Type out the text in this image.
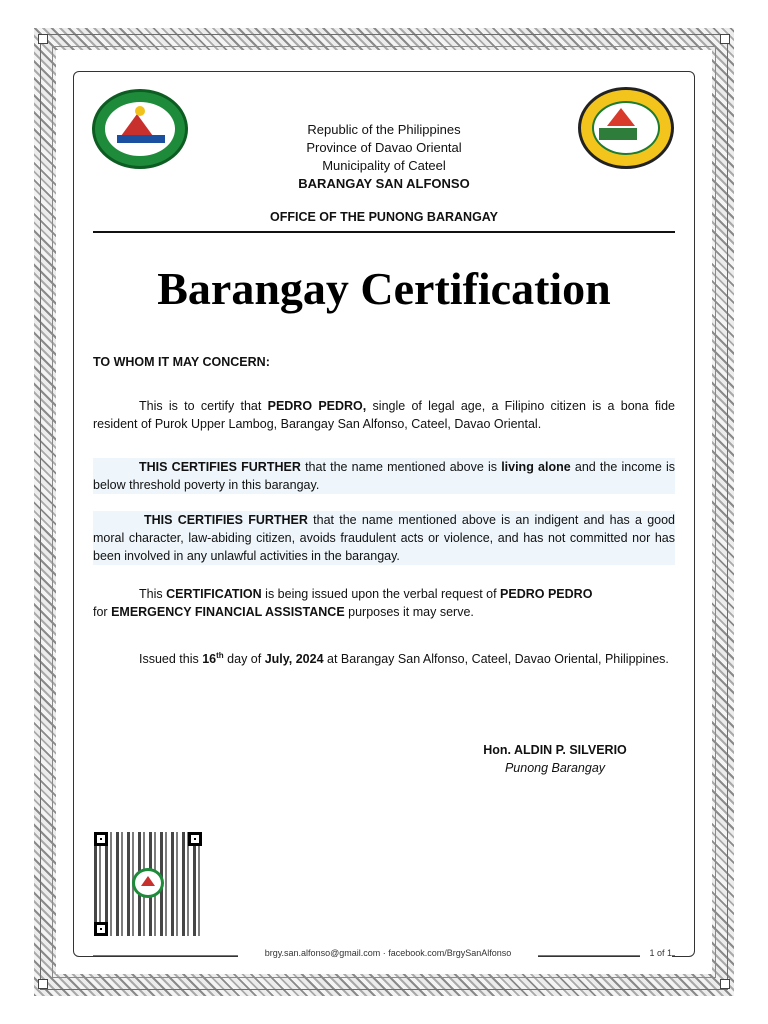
Republic of the Philippines
Province of Davao Oriental
Municipality of Cateel
BARANGAY SAN ALFONSO
OFFICE OF THE PUNONG BARANGAY
Barangay Certification
TO WHOM IT MAY CONCERN:
This is to certify that PEDRO PEDRO, single of legal age, a Filipino citizen is a bona fide resident of Purok Upper Lambog, Barangay San Alfonso, Cateel, Davao Oriental.
THIS CERTIFIES FURTHER that the name mentioned above is living alone and the income is below threshold poverty in this barangay.
THIS CERTIFIES FURTHER that the name mentioned above is an indigent and has a good moral character, law-abiding citizen, avoids fraudulent acts or violence, and has not committed nor has been involved in any unlawful activities in the barangay.
This CERTIFICATION is being issued upon the verbal request of PEDRO PEDRO
for EMERGENCY FINANCIAL ASSISTANCE purposes it may serve.
Issued this 16th day of July, 2024 at Barangay San Alfonso, Cateel, Davao Oriental, Philippines.
Hon. ALDIN P. SILVERIO
Punong Barangay
brgy.san.alfonso@gmail.com · facebook.com/BrgySanAlfonso	1 of 1
